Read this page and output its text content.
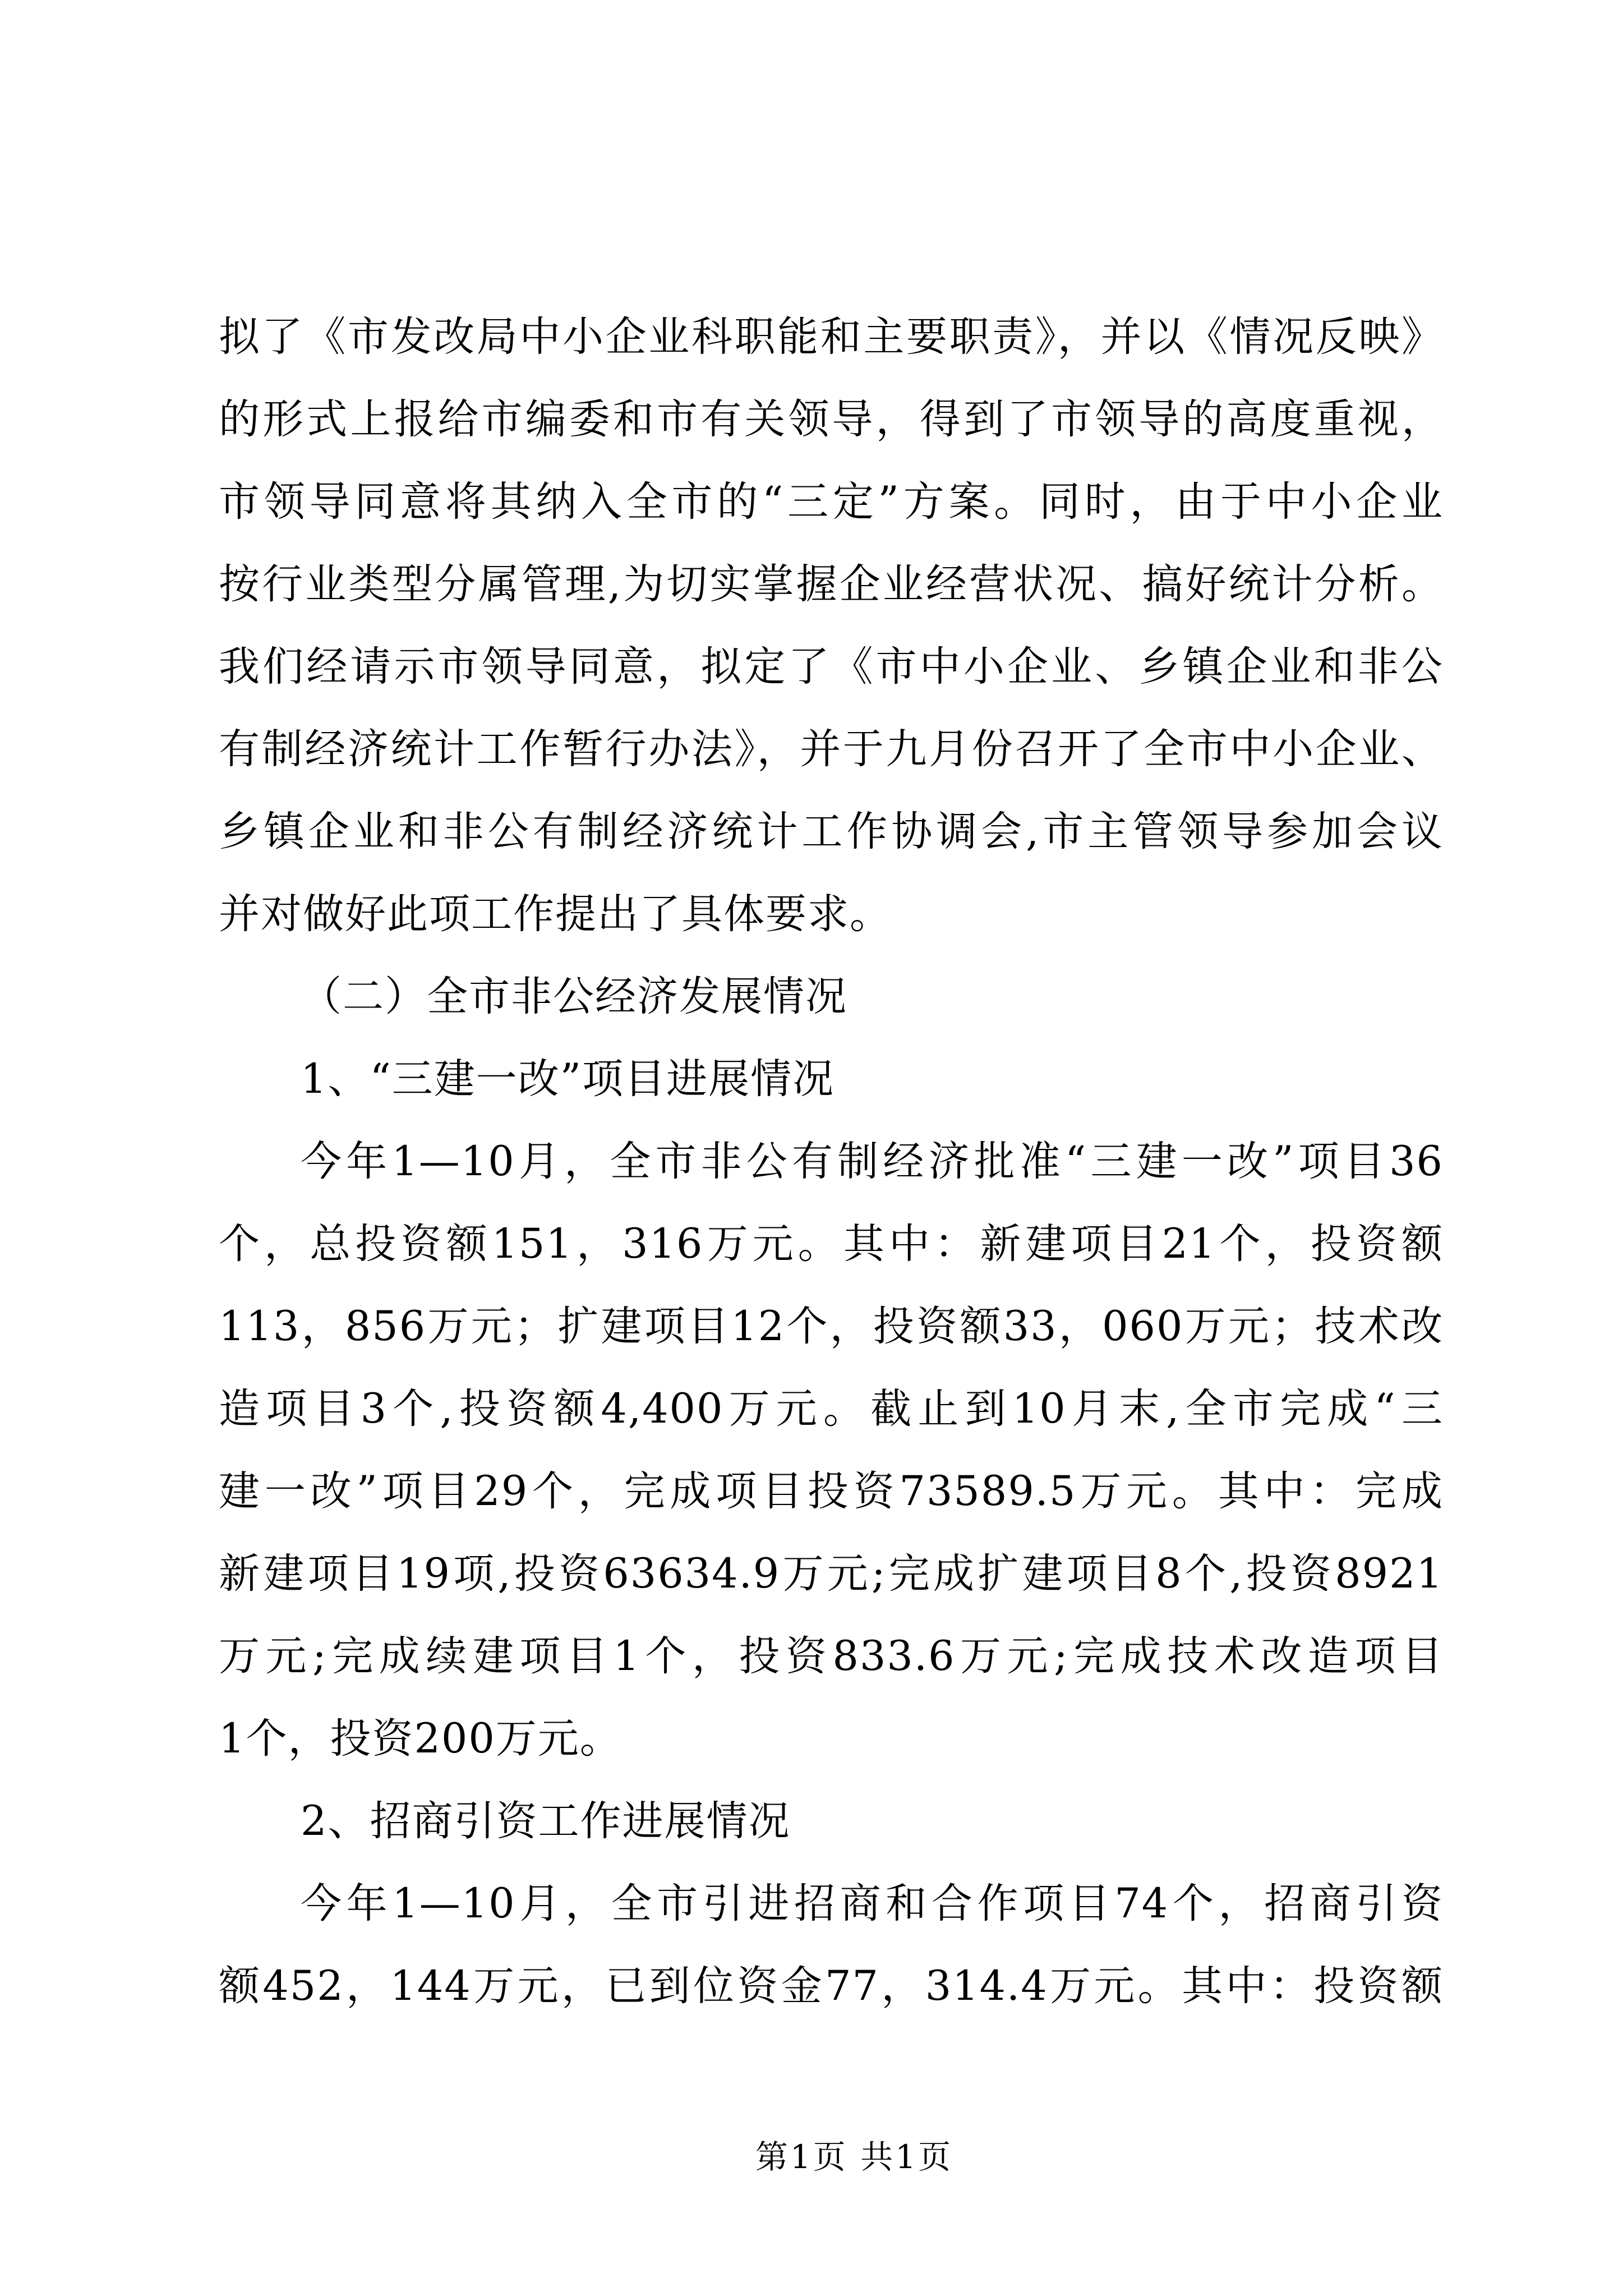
拟了《市发改局中小企业科职能和主要职责》，并以《情况反映》
的形式上报给市编委和市有关领导，得到了市领导的高度重视，
市领导同意将其纳入全市的“三定”方案。同时，由于中小企业
按行业类型分属管理,为切实掌握企业经营状况、搞好统计分析。
我们经请示市领导同意，拟定了《市中小企业、乡镇企业和非公
有制经济统计工作暂行办法》，并于九月份召开了全市中小企业、
乡镇企业和非公有制经济统计工作协调会,市主管领导参加会议
并对做好此项工作提出了具体要求。
（二）全市非公经济发展情况
1、“三建一改”项目进展情况
今年1—10月，全市非公有制经济批准“三建一改”项目36
个，总投资额151，316万元。其中：新建项目21个，投资额
113，856万元；扩建项目12个，投资额33，060万元；技术改
造项目3个,投资额4,400万元。截止到10月末,全市完成“三
建一改”项目29个，完成项目投资73589.5万元。其中：完成
新建项目19项,投资63634.9万元;完成扩建项目8个,投资8921
万元;完成续建项目1个，投资833.6万元;完成技术改造项目
1个，投资200万元。
2、招商引资工作进展情况
今年1—10月，全市引进招商和合作项目74个，招商引资
额452，144万元，已到位资金77，314.4万元。其中：投资额
第1页 共1页
